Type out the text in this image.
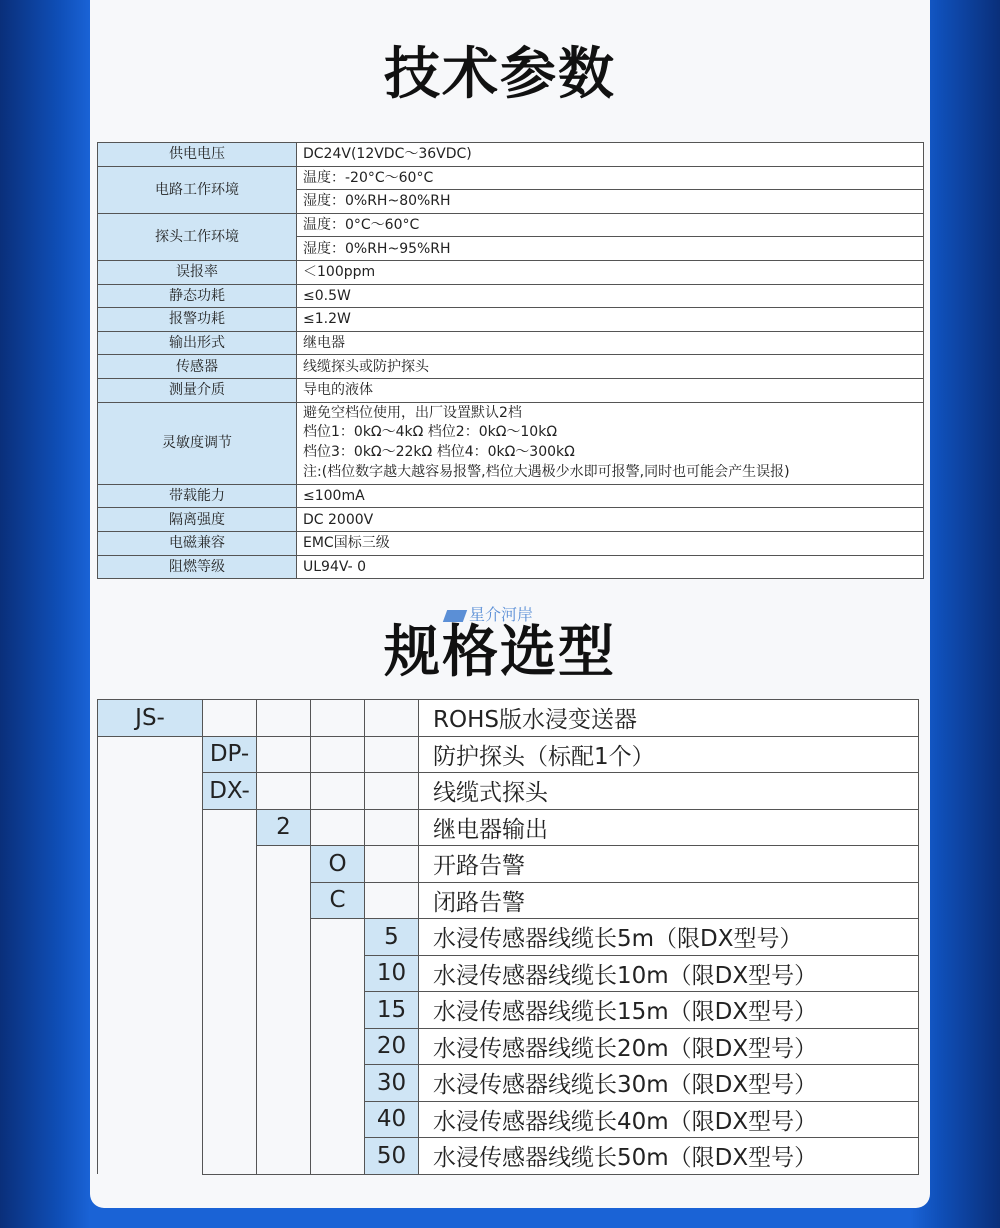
技术参数
供电电压	DC24V(12VDC～36VDC)
电路工作环境	温度：-20°C～60°C
	湿度：0%RH~80%RH
探头工作环境	温度：0°C～60°C
	湿度：0%RH~95%RH
误报率	＜100ppm
静态功耗	≤0.5W
报警功耗	≤1.2W
输出形式	继电器
传感器	线缆探头或防护探头
测量介质	导电的液体
灵敏度调节	避免空档位使用，出厂设置默认2档
档位1：0kΩ～4kΩ 档位2：0kΩ～10kΩ
档位3：0kΩ～22kΩ 档位4：0kΩ～300kΩ
注:(档位数字越大越容易报警,档位大遇极少水即可报警,同时也可能会产生误报)

带载能力	≤100mA
隔离强度	DC 2000V
电磁兼容	EMC国标三级
阻燃等级	UL94V- 0
星介河岸
规格选型
JS-					ROHS版水浸变送器
	DP-				防护探头（标配1个）
	DX-				线缆式探头
		2			继电器输出
			O		开路告警
			C		闭路告警
				5	水浸传感器线缆长5m（限DX型号）
				10	水浸传感器线缆长10m（限DX型号）
				15	水浸传感器线缆长15m（限DX型号）
				20	水浸传感器线缆长20m（限DX型号）
				30	水浸传感器线缆长30m（限DX型号）
				40	水浸传感器线缆长40m（限DX型号）
				50	水浸传感器线缆长50m（限DX型号）
